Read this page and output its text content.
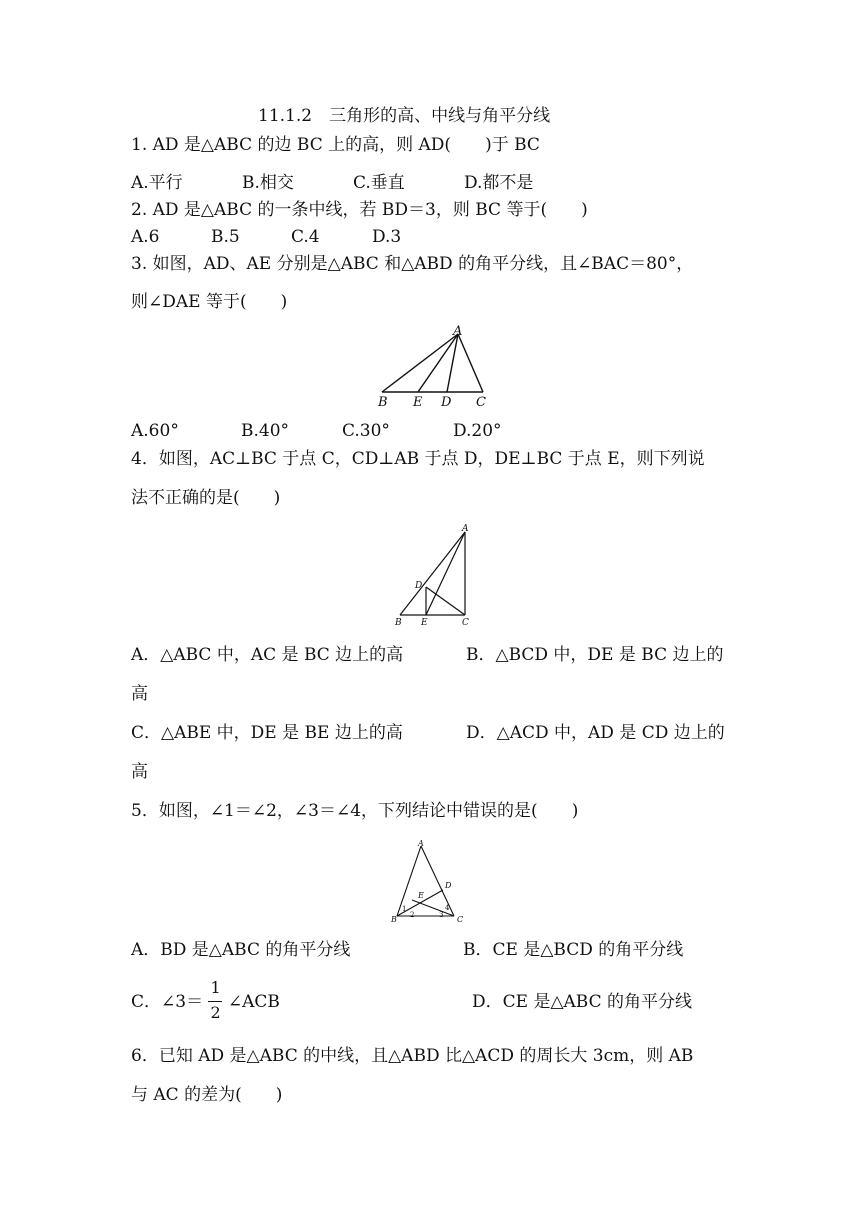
11.1.2　三角形的高、中线与角平分线
1. AD 是△ABC 的边 BC 上的高，则 AD(　　)于 BC
A.平行	B.相交	C.垂直	D.都不是
2. AD 是△ABC 的一条中线，若 BD＝3，则 BC 等于(　　)
A.6	B.5	C.4	D.3
3. 如图，AD、AE 分别是△ABC 和△ABD 的角平分线，且∠BAC＝80°，
则∠DAE 等于(　　)
A
B E D C
A.60°	B.40°	C.30°	D.20°
4．如图，AC⊥BC 于点 C，CD⊥AB 于点 D，DE⊥BC 于点 E，则下列说
法不正确的是(　　)
A
D
B E	C
A．△ABC 中，AC 是 BC 边上的高	B．△BCD 中，DE 是 BC 边上的
高
C．△ABE 中，DE 是 BE 边上的高	D．△ACD 中，AD 是 CD 边上的
高
5．如图，∠1＝∠2，∠3＝∠4，下列结论中错误的是(　　)
A
D
E
1
2	3
4
B	C
A．BD 是△ABC 的角平分线	B．CE 是△BCD 的角平分线
C．∠3＝ $\frac{1}{2}$ ∠ACB	D．CE 是△ABC 的角平分线
6．已知 AD 是△ABC 的中线，且△ABD 比△ACD 的周长大 3cm，则 AB
与 AC 的差为(　　)
